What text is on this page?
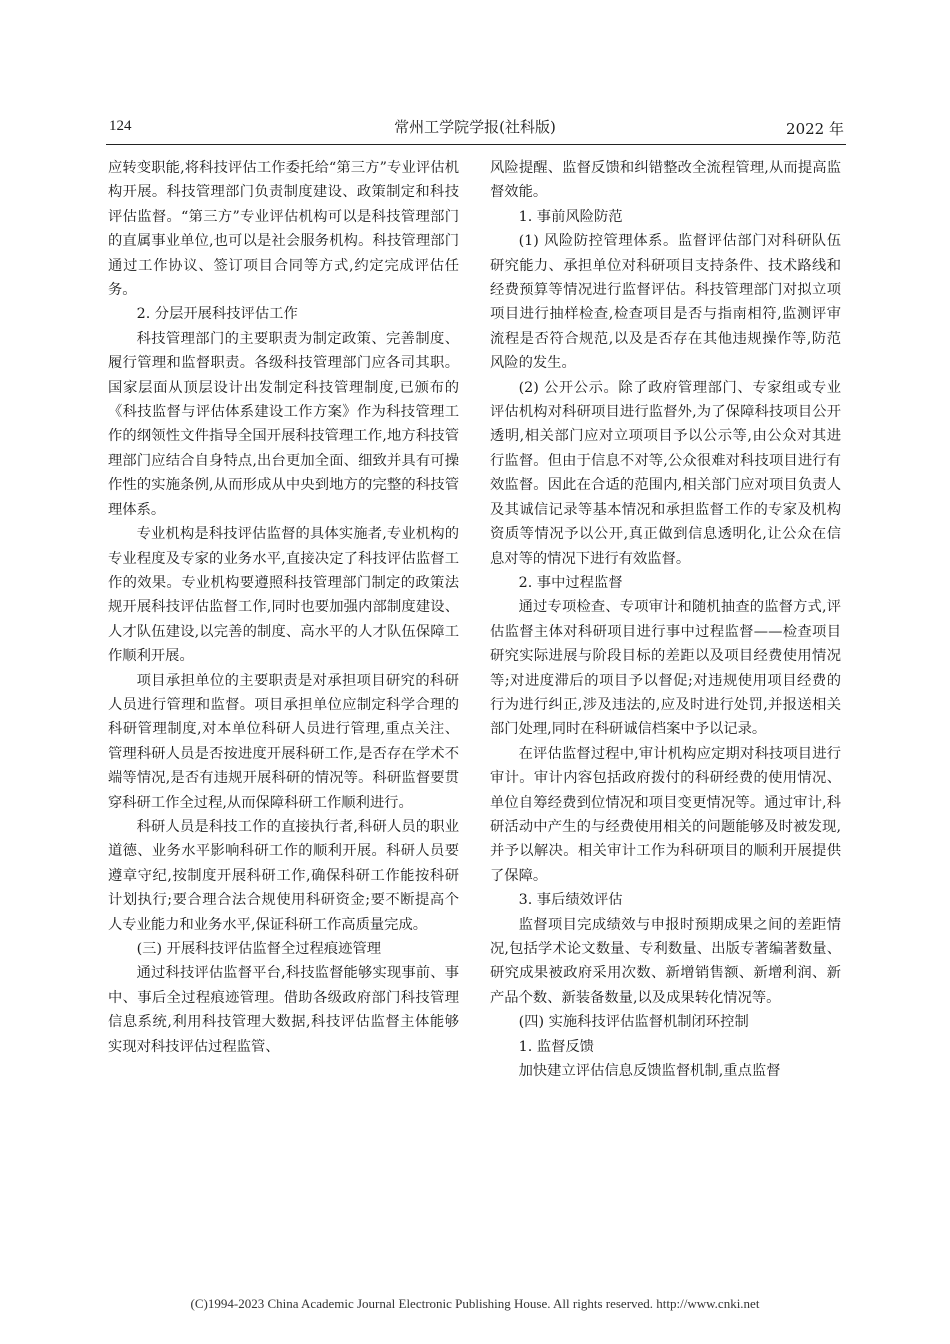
124	常州工学院学报(社科版)	2022 年

应转变职能,将科技评估工作委托给“第三方”专业评估机构开展。科技管理部门负责制度建设、政策制定和科技评估监督。“第三方”专业评估机构可以是科技管理部门的直属事业单位,也可以是社会服务机构。科技管理部门通过工作协议、签订项目合同等方式,约定完成评估任务。

2. 分层开展科技评估工作

科技管理部门的主要职责为制定政策、完善制度、履行管理和监督职责。各级科技管理部门应各司其职。国家层面从顶层设计出发制定科技管理制度,已颁布的《科技监督与评估体系建设工作方案》作为科技管理工作的纲领性文件指导全国开展科技管理工作,地方科技管理部门应结合自身特点,出台更加全面、细致并具有可操作性的实施条例,从而形成从中央到地方的完整的科技管理体系。

专业机构是科技评估监督的具体实施者,专业机构的专业程度及专家的业务水平,直接决定了科技评估监督工作的效果。专业机构要遵照科技管理部门制定的政策法规开展科技评估监督工作,同时也要加强内部制度建设、人才队伍建设,以完善的制度、高水平的人才队伍保障工作顺利开展。

项目承担单位的主要职责是对承担项目研究的科研人员进行管理和监督。项目承担单位应制定科学合理的科研管理制度,对本单位科研人员进行管理,重点关注、管理科研人员是否按进度开展科研工作,是否存在学术不端等情况,是否有违规开展科研的情况等。科研监督要贯穿科研工作全过程,从而保障科研工作顺利进行。

科研人员是科技工作的直接执行者,科研人员的职业道德、业务水平影响科研工作的顺利开展。科研人员要遵章守纪,按制度开展科研工作,确保科研工作能按科研计划执行;要合理合法合规使用科研资金;要不断提高个人专业能力和业务水平,保证科研工作高质量完成。

(三) 开展科技评估监督全过程痕迹管理

通过科技评估监督平台,科技监督能够实现事前、事中、事后全过程痕迹管理。借助各级政府部门科技管理信息系统,利用科技管理大数据,科技评估监督主体能够实现对科技评估过程监管、

风险提醒、监督反馈和纠错整改全流程管理,从而提高监督效能。

1. 事前风险防范

(1) 风险防控管理体系。监督评估部门对科研队伍研究能力、承担单位对科研项目支持条件、技术路线和经费预算等情况进行监督评估。科技管理部门对拟立项项目进行抽样检查,检查项目是否与指南相符,监测评审流程是否符合规范,以及是否存在其他违规操作等,防范风险的发生。

(2) 公开公示。除了政府管理部门、专家组或专业评估机构对科研项目进行监督外,为了保障科技项目公开透明,相关部门应对立项项目予以公示等,由公众对其进行监督。但由于信息不对等,公众很难对科技项目进行有效监督。因此在合适的范围内,相关部门应对项目负责人及其诚信记录等基本情况和承担监督工作的专家及机构资质等情况予以公开,真正做到信息透明化,让公众在信息对等的情况下进行有效监督。

2. 事中过程监督

通过专项检查、专项审计和随机抽查的监督方式,评估监督主体对科研项目进行事中过程监督——检查项目研究实际进展与阶段目标的差距以及项目经费使用情况等;对进度滞后的项目予以督促;对违规使用项目经费的行为进行纠正,涉及违法的,应及时进行处罚,并报送相关部门处理,同时在科研诚信档案中予以记录。

在评估监督过程中,审计机构应定期对科技项目进行审计。审计内容包括政府拨付的科研经费的使用情况、单位自筹经费到位情况和项目变更情况等。通过审计,科研活动中产生的与经费使用相关的问题能够及时被发现,并予以解决。相关审计工作为科研项目的顺利开展提供了保障。

3. 事后绩效评估

监督项目完成绩效与申报时预期成果之间的差距情况,包括学术论文数量、专利数量、出版专著编著数量、研究成果被政府采用次数、新增销售额、新增利润、新产品个数、新装备数量,以及成果转化情况等。

(四) 实施科技评估监督机制闭环控制

1. 监督反馈

加快建立评估信息反馈监督机制,重点监督

(C)1994-2023 China Academic Journal Electronic Publishing House. All rights reserved. http://www.cnki.net
